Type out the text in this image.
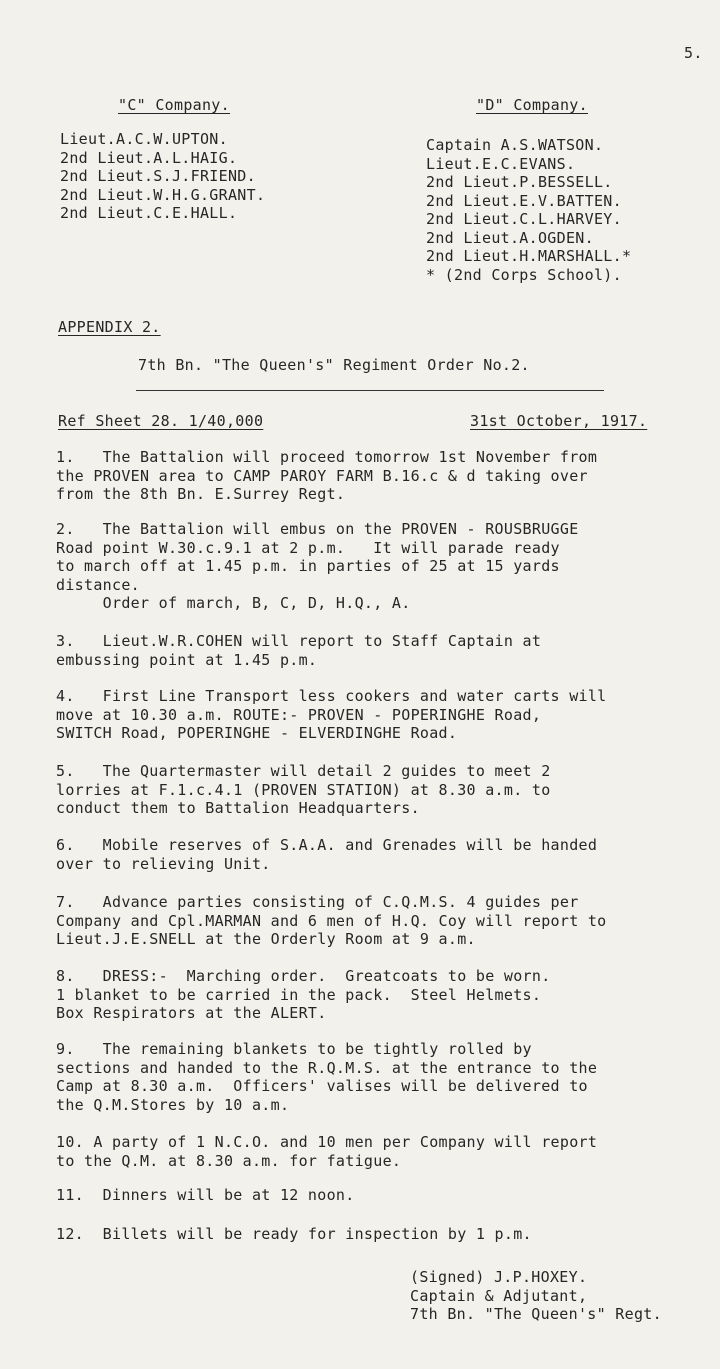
5.
"C" Company.
Lieut.A.C.W.UPTON.
2nd Lieut.A.L.HAIG.
2nd Lieut.S.J.FRIEND.
2nd Lieut.W.H.G.GRANT.
2nd Lieut.C.E.HALL.
"D" Company.
Captain A.S.WATSON.
Lieut.E.C.EVANS.
2nd Lieut.P.BESSELL.
2nd Lieut.E.V.BATTEN.
2nd Lieut.C.L.HARVEY.
2nd Lieut.A.OGDEN.
2nd Lieut.H.MARSHALL.*
* (2nd Corps School).
APPENDIX 2.
7th Bn. "The Queen's" Regiment Order No.2.
Ref Sheet 28. 1/40,000	31st October, 1917.
1.   The Battalion will proceed tomorrow 1st November from
the PROVEN area to CAMP PAROY FARM B.16.c & d taking over
from the 8th Bn. E.Surrey Regt.
2.   The Battalion will embus on the PROVEN - ROUSBRUGGE
Road point W.30.c.9.1 at 2 p.m.   It will parade ready
to march off at 1.45 p.m. in parties of 25 at 15 yards
distance.
Order of march, B, C, D, H.Q., A.
3.   Lieut.W.R.COHEN will report to Staff Captain at
embussing point at 1.45 p.m.
4.   First Line Transport less cookers and water carts will
move at 10.30 a.m. ROUTE:- PROVEN - POPERINGHE Road,
SWITCH Road, POPERINGHE - ELVERDINGHE Road.
5.   The Quartermaster will detail 2 guides to meet 2
lorries at F.1.c.4.1 (PROVEN STATION) at 8.30 a.m. to
conduct them to Battalion Headquarters.
6.   Mobile reserves of S.A.A. and Grenades will be handed
over to relieving Unit.
7.   Advance parties consisting of C.Q.M.S. 4 guides per
Company and Cpl.MARMAN and 6 men of H.Q. Coy will report to
Lieut.J.E.SNELL at the Orderly Room at 9 a.m.
8.   DRESS:-  Marching order.  Greatcoats to be worn.
1 blanket to be carried in the pack.  Steel Helmets.
Box Respirators at the ALERT.
9.   The remaining blankets to be tightly rolled by
sections and handed to the R.Q.M.S. at the entrance to the
Camp at 8.30 a.m.  Officers' valises will be delivered to
the Q.M.Stores by 10 a.m.
10. A party of 1 N.C.O. and 10 men per Company will report
to the Q.M. at 8.30 a.m. for fatigue.
11.  Dinners will be at 12 noon.
12.  Billets will be ready for inspection by 1 p.m.
(Signed) J.P.HOXEY.
Captain & Adjutant,
7th Bn. "The Queen's" Regt.
